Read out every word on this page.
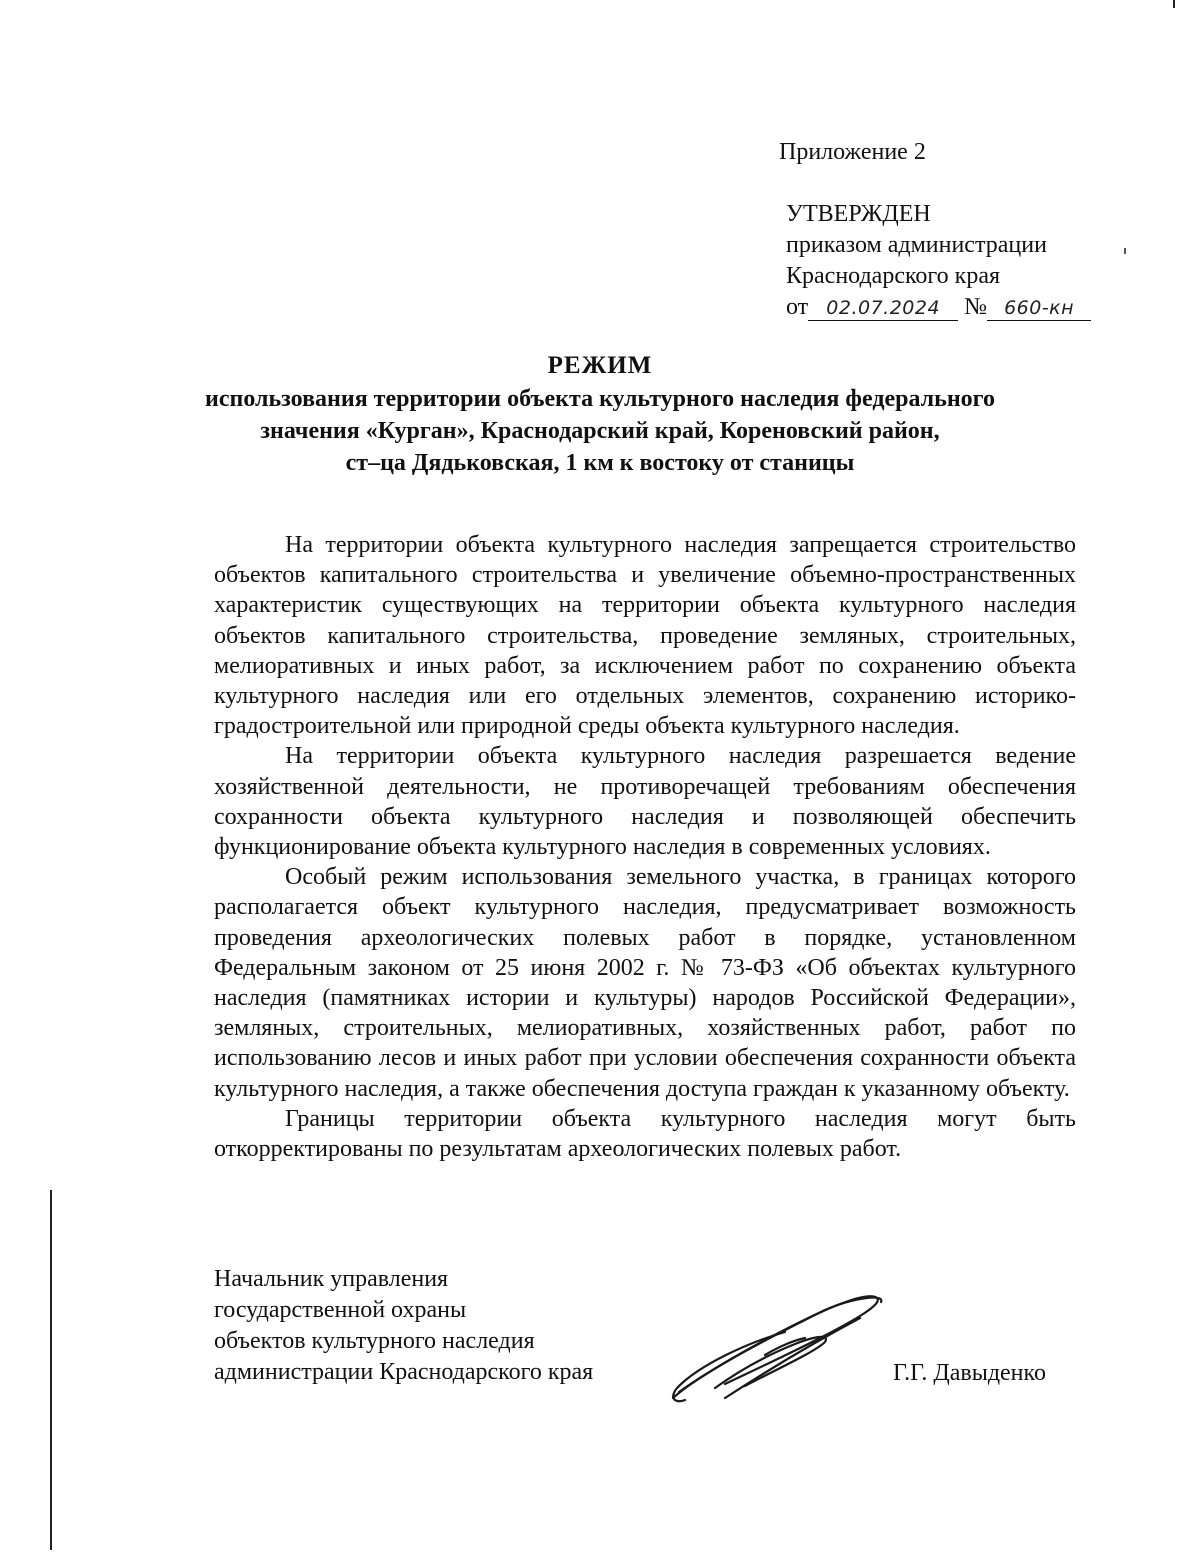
Приложение 2
УТВЕРЖДЕН
приказом администрации
Краснодарского края
от 02.07.2024 № 660-кн
РЕЖИМ
использования территории объекта культурного наследия федерального
значения «Курган», Краснодарский край, Кореновский район,
ст–ца Дядьковская, 1 км к востоку от станицы

На территории объекта культурного наследия запрещается строительство объектов капитального строительства и увеличение объемно-пространственных характеристик существующих на территории объекта культурного наследия объектов капитального строительства, проведение земляных, строительных, мелиоративных и иных работ, за исключением работ по сохранению объекта культурного наследия или его отдельных элементов, сохранению историко-градостроительной или природной среды объекта культурного наследия.

На территории объекта культурного наследия разрешается ведение хозяйственной деятельности, не противоречащей требованиям обеспечения сохранности объекта культурного наследия и позволяющей обеспечить функционирование объекта культурного наследия в современных условиях.

Особый режим использования земельного участка, в границах которого располагается объект культурного наследия, предусматривает возможность проведения археологических полевых работ в порядке, установленном Федеральным законом от 25 июня 2002 г. № 73-ФЗ «Об объектах культурного наследия (памятниках истории и культуры) народов Российской Федерации», земляных, строительных, мелиоративных, хозяйственных работ, работ по использованию лесов и иных работ при условии обеспечения сохранности объекта культурного наследия, а также обеспечения доступа граждан к указанному объекту.

Границы территории объекта культурного наследия могут быть откорректированы по результатам археологических полевых работ.

Начальник управления
государственной охраны
объектов культурного наследия
администрации Краснодарского края	Г.Г. Давыденко
